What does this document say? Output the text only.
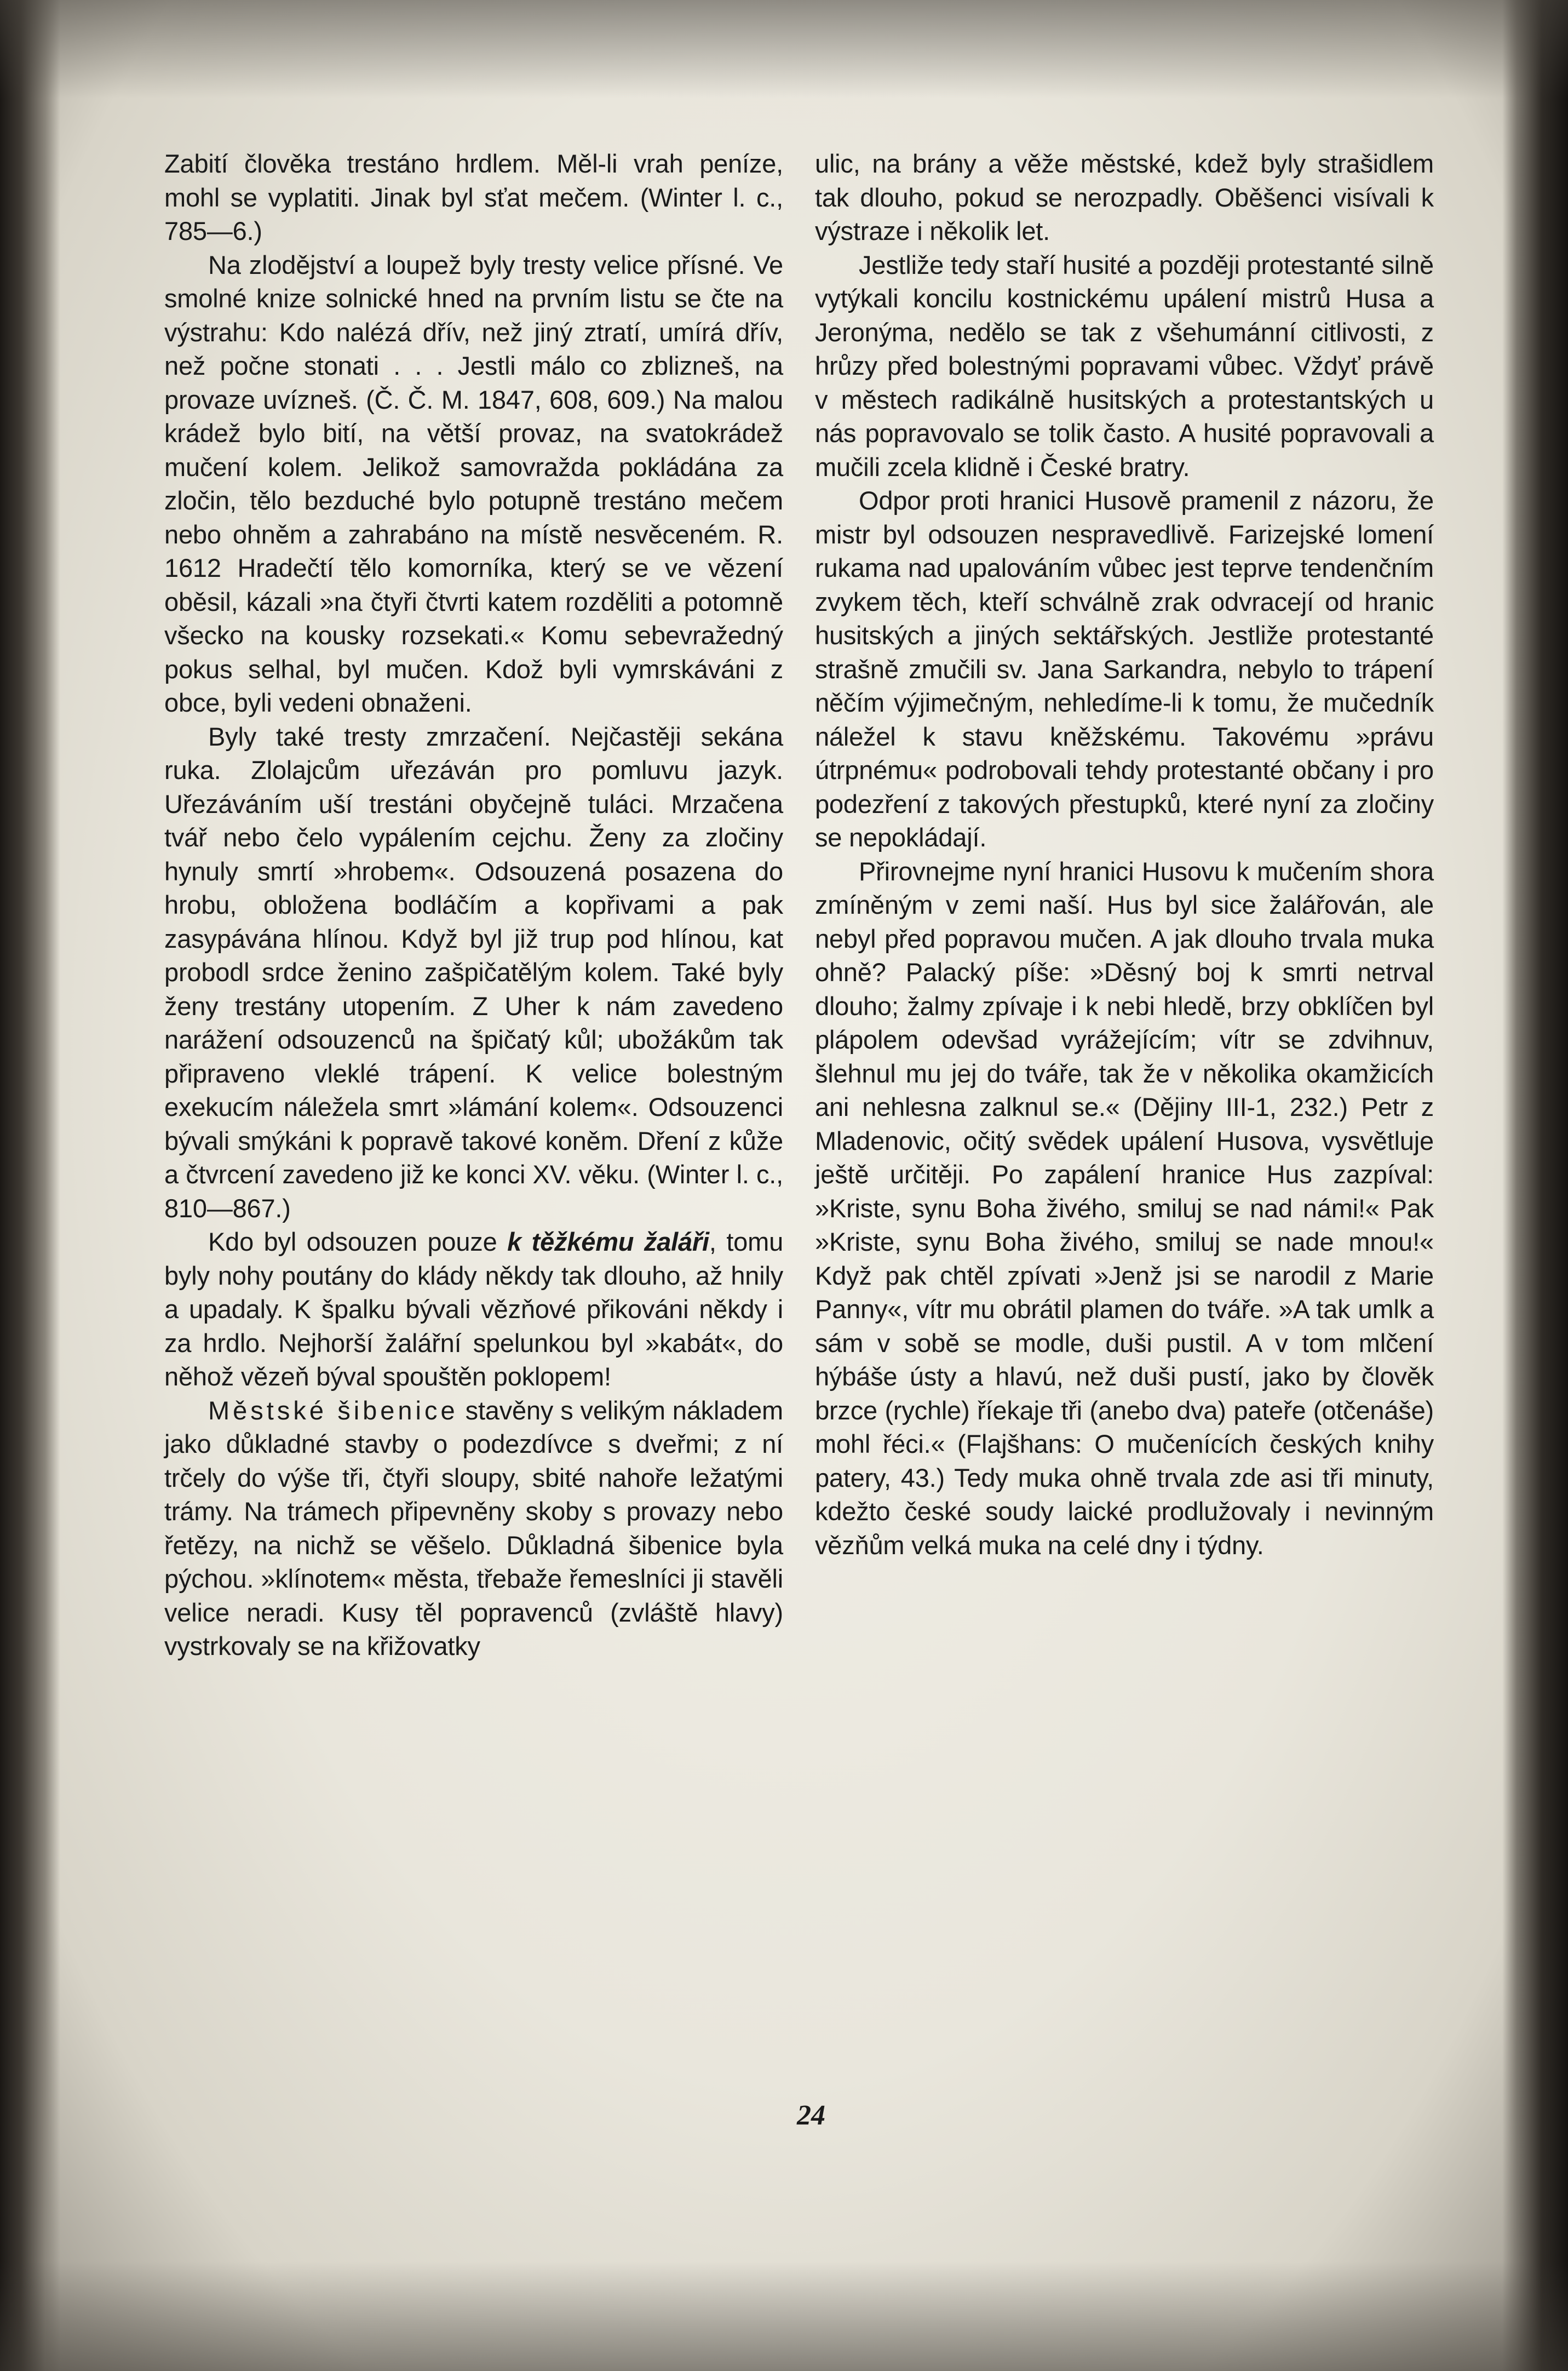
Zabití člověka trestáno hrdlem. Měl-li vrah peníze, mohl se vyplatiti. Jinak byl sťat mečem. (Winter l. c., 785—6.)

Na zlodějství a loupež byly tresty velice přísné. Ve smolné knize solnické hned na prvním listu se čte na výstrahu: Kdo nalézá dřív, než jiný ztratí, umírá dřív, než počne stonati . . . Jestli málo co zblizneš, na provaze uvízneš. (Č. Č. M. 1847, 608, 609.) Na malou krádež bylo bití, na větší provaz, na svatokrádež mučení kolem. Jelikož samovražda pokládána za zločin, tělo bezduché bylo potupně trestáno mečem nebo ohněm a zahrabáno na místě nesvěceném. R. 1612 Hradečtí tělo komorníka, který se ve vězení oběsil, kázali »na čtyři čtvrti katem rozděliti a potomně všecko na kousky rozsekati.« Komu sebevražedný pokus selhal, byl mučen. Kdož byli vymrskáváni z obce, byli vedeni obnaženi.

Byly také tresty zmrzačení. Nejčastěji sekána ruka. Zlolajcům uřezáván pro pomluvu jazyk. Uřezáváním uší trestáni obyčejně tuláci. Mrzačena tvář nebo čelo vypálením cejchu. Ženy za zločiny hynuly smrtí »hrobem«. Odsouzená posazena do hrobu, obložena bodláčím a kopřivami a pak zasypávána hlínou. Když byl již trup pod hlínou, kat probodl srdce ženino zašpičatělým kolem. Také byly ženy trestány utopením. Z Uher k nám zavedeno narážení odsouzenců na špičatý kůl; ubožákům tak připraveno vleklé trápení. K velice bolestným exekucím náležela smrt »lámání kolem«. Odsouzenci bývali smýkáni k popravě takové koněm. Dření z kůže a čtvrcení zavedeno již ke konci XV. věku. (Winter l. c., 810—867.)

Kdo byl odsouzen pouze k těžkému žaláři, tomu byly nohy poutány do klády někdy tak dlouho, až hnily a upadaly. K špalku bývali vězňové přikováni někdy i za hrdlo. Nejhorší žalářní spelunkou byl »kabát«, do něhož vězeň býval spouštěn poklopem!

Městské šibenice stavěny s velikým nákladem jako důkladné stavby o podezdívce s dveřmi; z ní trčely do výše tři, čtyři sloupy, sbité nahoře ležatými trámy. Na trámech připevněny skoby s provazy nebo řetězy, na nichž se věšelo. Důkladná šibenice byla pýchou. »klínotem« města, třebaže řemeslníci ji stavěli velice neradi. Kusy těl popravenců (zvláště hlavy) vystrkovaly se na křižovatky

ulic, na brány a věže městské, kdež byly strašidlem tak dlouho, pokud se nerozpadly. Oběšenci visívali k výstraze i několik let.

Jestliže tedy staří husité a později protestanté silně vytýkali koncilu kostnickému upálení mistrů Husa a Jeronýma, nedělo se tak z všehumánní citlivosti, z hrůzy před bolestnými popravami vůbec. Vždyť právě v městech radikálně husitských a protestantských u nás popravovalo se tolik často. A husité popravovali a mučili zcela klidně i České bratry.

Odpor proti hranici Husově pramenil z názoru, že mistr byl odsouzen nespravedlivě. Farizejské lomení rukama nad upalováním vůbec jest teprve tendenčním zvykem těch, kteří schválně zrak odvracejí od hranic husitských a jiných sektářských. Jestliže protestanté strašně zmučili sv. Jana Sarkandra, nebylo to trápení něčím výjimečným, nehledíme-li k tomu, že mučedník náležel k stavu kněžskému. Takovému »právu útrpnému« podrobovali tehdy protestanté občany i pro podezření z takových přestupků, které nyní za zločiny se nepokládají.

Přirovnejme nyní hranici Husovu k mučením shora zmíněným v zemi naší. Hus byl sice žalářován, ale nebyl před popravou mučen. A jak dlouho trvala muka ohně? Palacký píše: »Děsný boj k smrti netrval dlouho; žalmy zpívaje i k nebi hledě, brzy obklíčen byl plápolem odevšad vyrážejícím; vítr se zdvihnuv, šlehnul mu jej do tváře, tak že v několika okamžicích ani nehlesna zalknul se.« (Dějiny III-1, 232.) Petr z Mladenovic, očitý svědek upálení Husova, vysvětluje ještě určitěji. Po zapálení hranice Hus zazpíval: »Kriste, synu Boha živého, smiluj se nad námi!« Pak »Kriste, synu Boha živého, smiluj se nade mnou!« Když pak chtěl zpívati »Jenž jsi se narodil z Marie Panny«, vítr mu obrátil plamen do tváře. »A tak umlk a sám v sobě se modle, duši pustil. A v tom mlčení hýbáše ústy a hlavú, než duši pustí, jako by člověk brzce (rychle) říekaje tři (anebo dva) pateře (otčenáše) mohl řéci.« (Flajšhans: O mučenících českých knihy patery, 43.) Tedy muka ohně trvala zde asi tři minuty, kdežto české soudy laické prodlužovaly i nevinným vězňům velká muka na celé dny i týdny.

24
